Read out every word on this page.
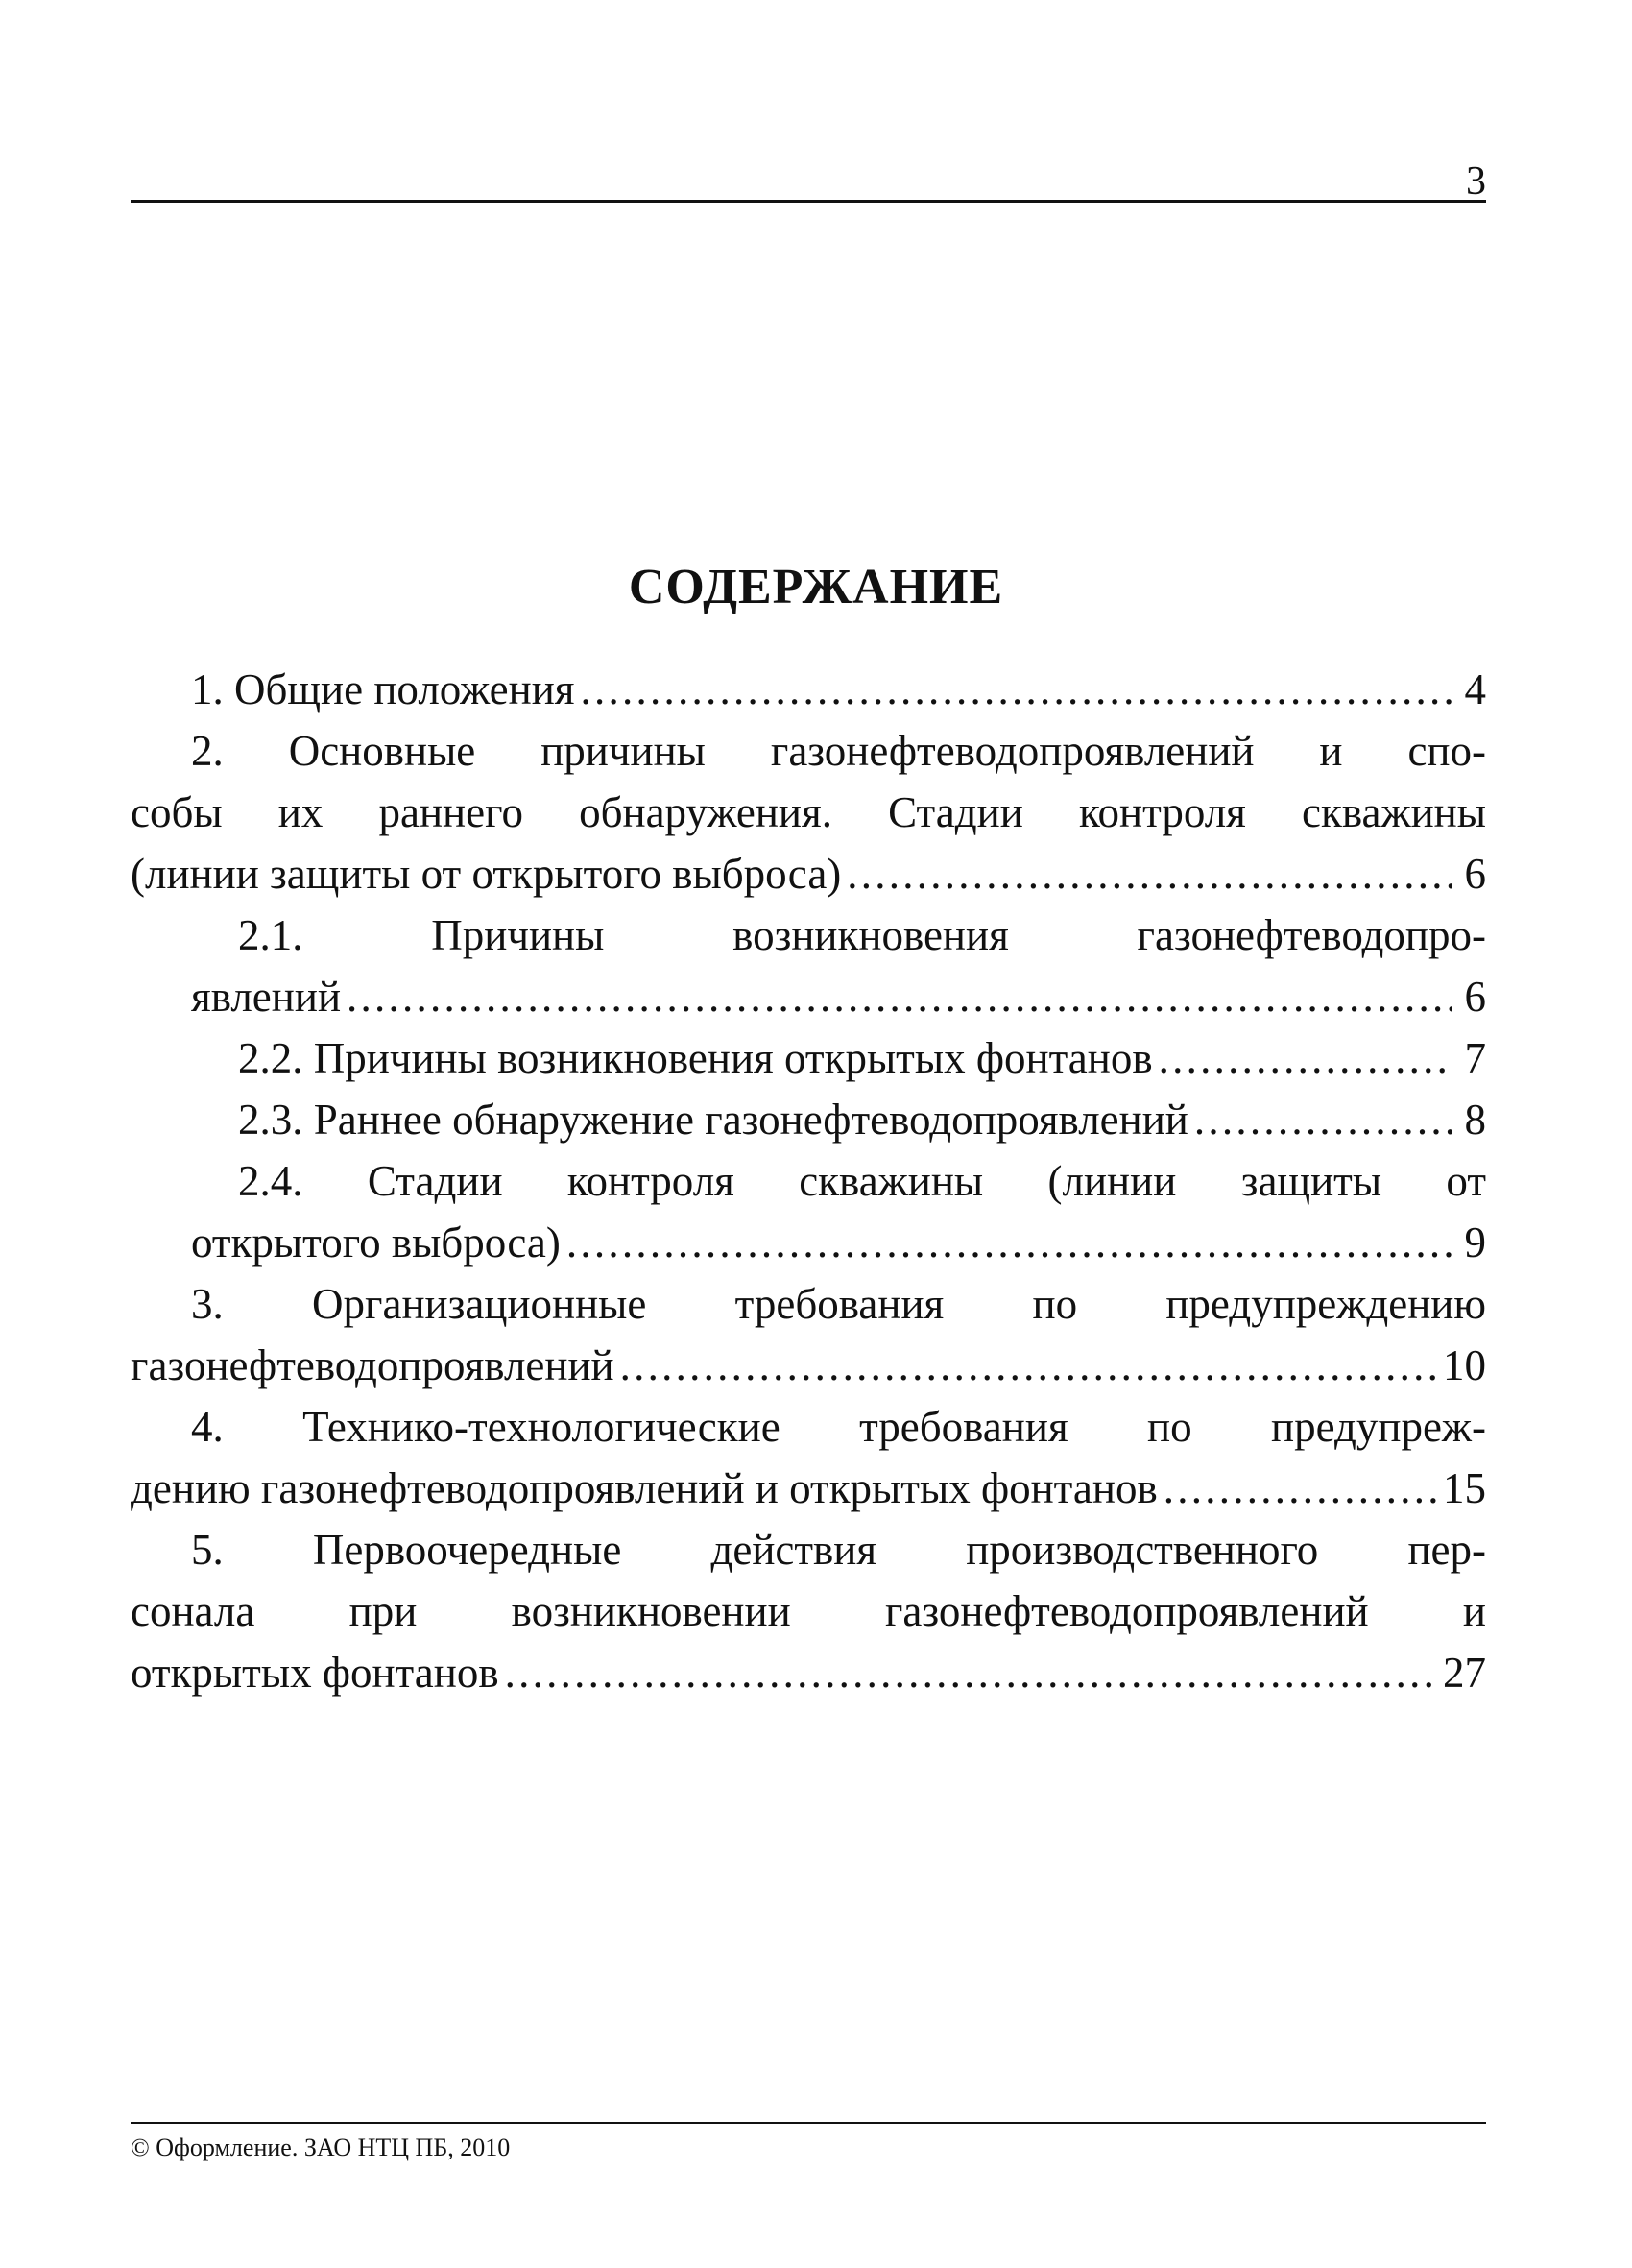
3
СОДЕРЖАНИЕ
1. Общие положения . . .	4
2. Основные причины газонефтеводопроявлений и спо-
собы их раннего обнаружения. Стадии контроля скважины
(линии защиты от открытого выброса) . . .	6
2.1. Причины возникновения газонефтеводопро-
явлений . . .	6
2.2. Причины возникновения открытых фонтанов . . .	7
2.3. Раннее обнаружение газонефтеводопроявлений . . .	8
2.4. Стадии контроля скважины (линии защиты от
открытого выброса) . . .	9
3. Организационные требования по предупреждению
газонефтеводопроявлений . . .	10
4. Технико-технологические требования по предупреж-
дению газонефтеводопроявлений и открытых фонтанов . . .	15
5. Первоочередные действия производственного пер-
сонала при возникновении газонефтеводопроявлений и
открытых фонтанов . . .	27
© Оформление. ЗАО НТЦ ПБ, 2010
